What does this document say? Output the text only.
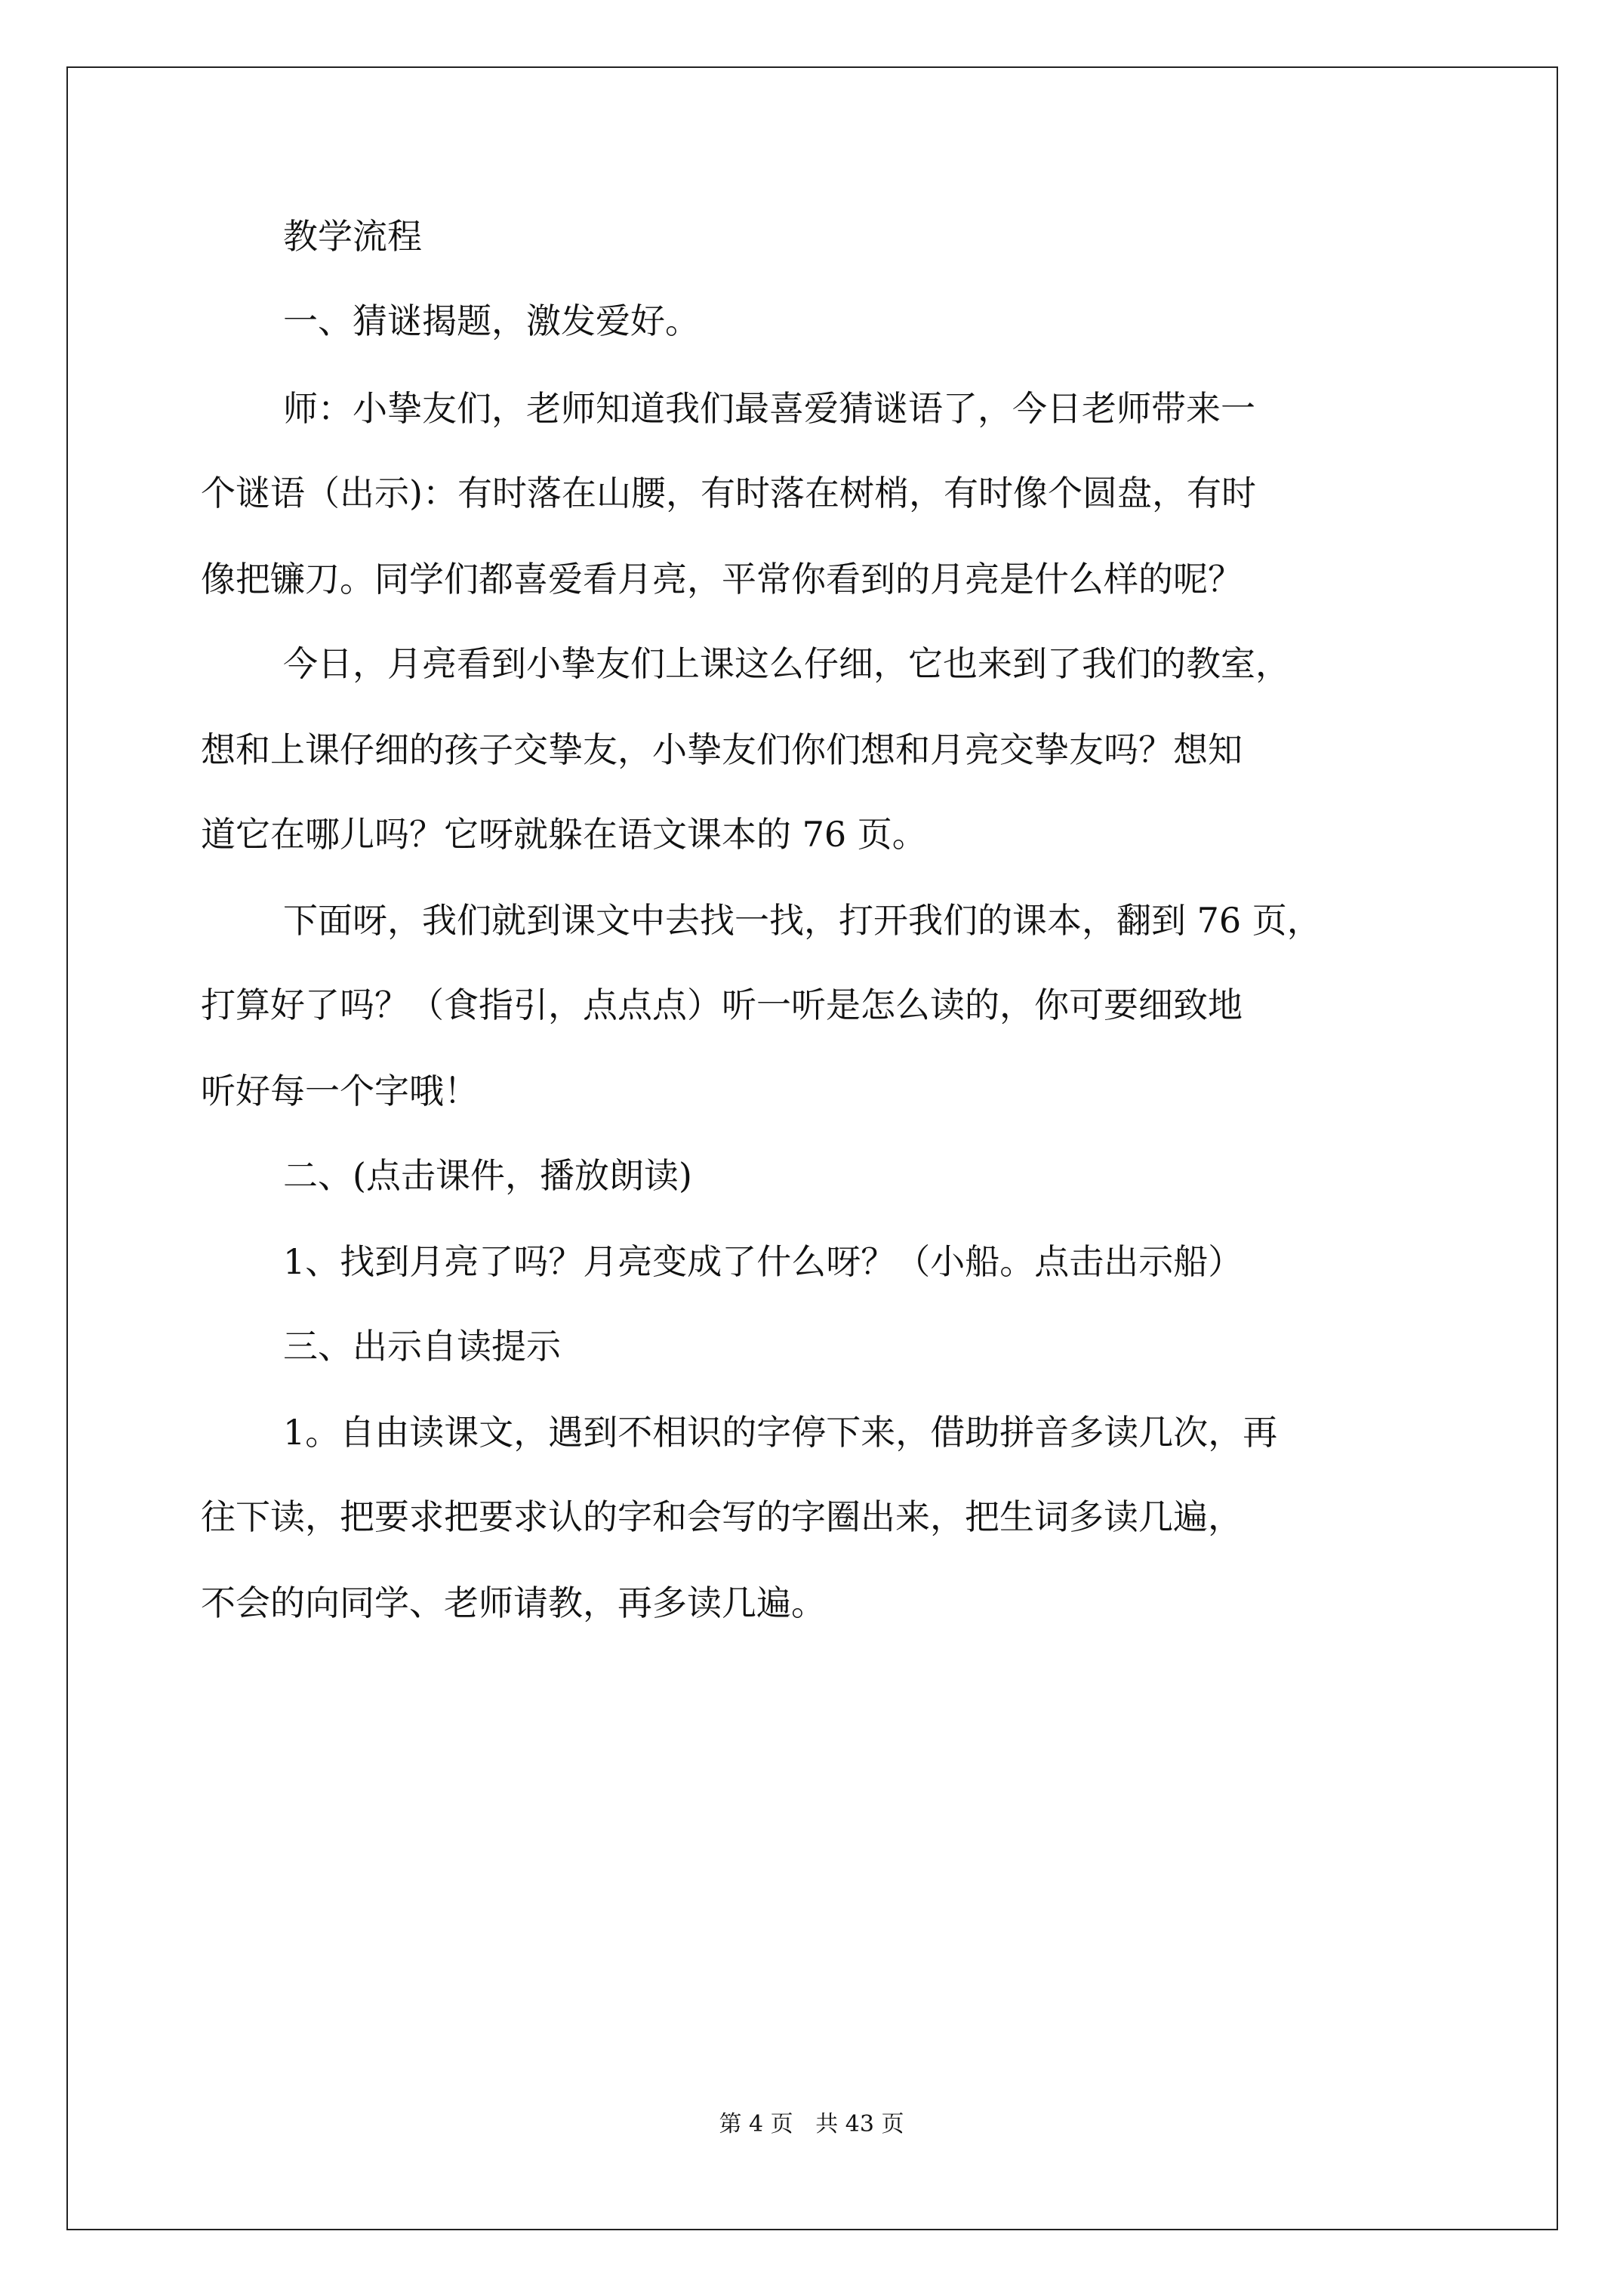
教学流程
一、猜谜揭题，激发爱好。
师：小挚友们，老师知道我们最喜爱猜谜语了，今日老师带来一
个谜语（出示)：有时落在山腰，有时落在树梢，有时像个圆盘，有时
像把镰刀。同学们都喜爱看月亮，平常你看到的月亮是什么样的呢？
今日，月亮看到小挚友们上课这么仔细，它也来到了我们的教室，
想和上课仔细的孩子交挚友，小挚友们你们想和月亮交挚友吗？想知
道它在哪儿吗？它呀就躲在语文课本的 76 页。
下面呀，我们就到课文中去找一找，打开我们的课本，翻到 76 页，
打算好了吗？（食指引，点点点）听一听是怎么读的，你可要细致地
听好每一个字哦！
二、(点击课件，播放朗读)
1、找到月亮了吗？月亮变成了什么呀？（小船。点击出示船）
三、出示自读提示
1。自由读课文，遇到不相识的字停下来，借助拼音多读几次，再
往下读，把要求把要求认的字和会写的字圈出来，把生词多读几遍，
不会的向同学、老师请教，再多读几遍。
第 4 页 共 43 页
